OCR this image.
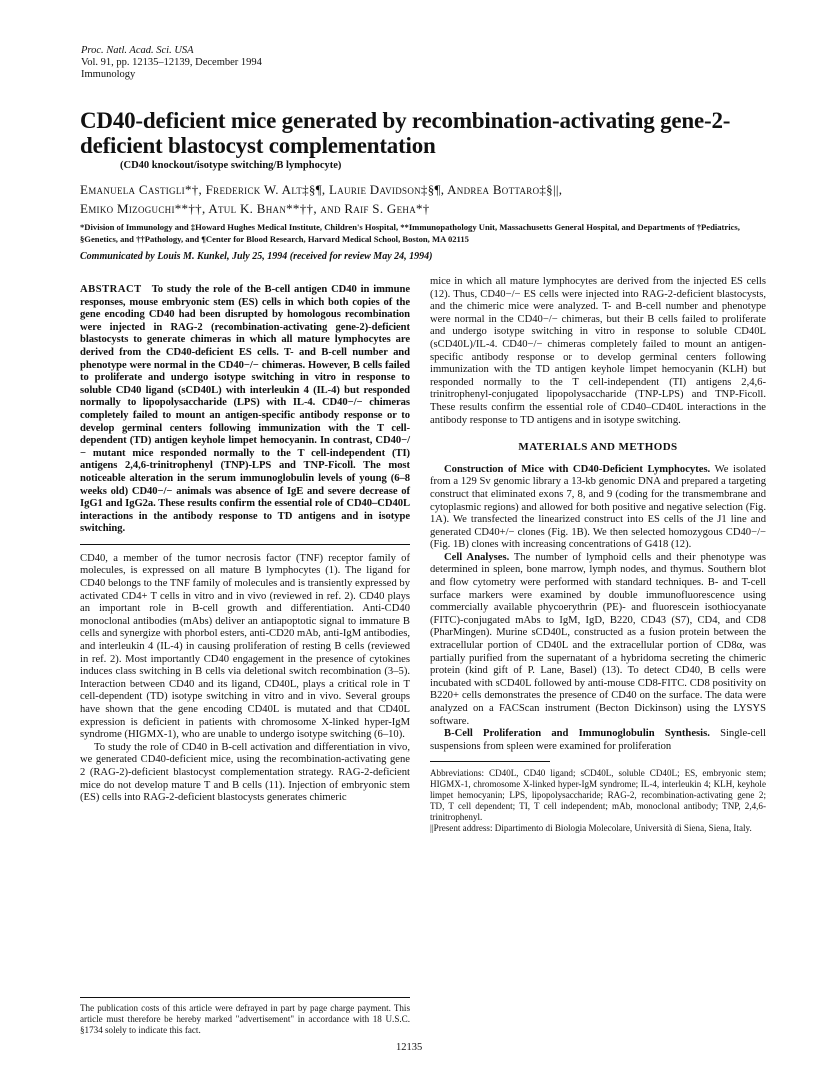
Proc. Natl. Acad. Sci. USA
Vol. 91, pp. 12135–12139, December 1994
Immunology
CD40-deficient mice generated by recombination-activating gene-2-deficient blastocyst complementation
(CD40 knockout/isotype switching/B lymphocyte)
Emanuela Castigli*†, Frederick W. Alt‡§¶, Laurie Davidson‡§¶, Andrea Bottaro‡§||,
Emiko Mizoguchi**††, Atul K. Bhan**††, and Raif S. Geha*†
*Division of Immunology and ‡Howard Hughes Medical Institute, Children's Hospital, **Immunopathology Unit, Massachusetts General Hospital, and Departments of †Pediatrics, §Genetics, and ††Pathology, and ¶Center for Blood Research, Harvard Medical School, Boston, MA 02115
Communicated by Louis M. Kunkel, July 25, 1994 (received for review May 24, 1994)
ABSTRACT To study the role of the B-cell antigen CD40 in immune responses, mouse embryonic stem (ES) cells in which both copies of the gene encoding CD40 had been disrupted by homologous recombination were injected in RAG-2 (recombination-activating gene-2)-deficient blastocysts to generate chimeras in which all mature lymphocytes are derived from the CD40-deficient ES cells. T- and B-cell number and phenotype were normal in the CD40−/− chimeras. However, B cells failed to proliferate and undergo isotype switching in vitro in response to soluble CD40 ligand (sCD40L) with interleukin 4 (IL-4) but responded normally to lipopolysaccharide (LPS) with IL-4. CD40−/− chimeras completely failed to mount an antigen-specific antibody response or to develop germinal centers following immunization with the T cell-dependent (TD) antigen keyhole limpet hemocyanin. In contrast, CD40−/− mutant mice responded normally to the T cell-independent (TI) antigens 2,4,6-trinitrophenyl (TNP)-LPS and TNP-Ficoll. The most noticeable alteration in the serum immunoglobulin levels of young (6–8 weeks old) CD40−/− animals was absence of IgE and severe decrease of IgG1 and IgG2a. These results confirm the essential role of CD40–CD40L interactions in the antibody response to TD antigens and in isotype switching.

CD40, a member of the tumor necrosis factor (TNF) receptor family of molecules, is expressed on all mature B lymphocytes (1). The ligand for CD40 belongs to the TNF family of molecules and is transiently expressed by activated CD4+ T cells in vitro and in vivo (reviewed in ref. 2). CD40 plays an important role in B-cell growth and differentiation. Anti-CD40 monoclonal antibodies (mAbs) deliver an antiapoptotic signal to immature B cells and synergize with phorbol esters, anti-CD20 mAb, anti-IgM antibodies, and interleukin 4 (IL-4) in causing proliferation of resting B cells (reviewed in ref. 2). Most importantly CD40 engagement in the presence of cytokines induces class switching in B cells via deletional switch recombination (3–5). Interaction between CD40 and its ligand, CD40L, plays a critical role in T cell-dependent (TD) isotype switching in vitro and in vivo. Several groups have shown that the gene encoding CD40L is mutated and that CD40L expression is deficient in patients with chromosome X-linked hyper-IgM syndrome (HIGMX-1), who are unable to undergo isotype switching (6–10).

To study the role of CD40 in B-cell activation and differentiation in vivo, we generated CD40-deficient mice, using the recombination-activating gene 2 (RAG-2)-deficient blastocyst complementation strategy. RAG-2-deficient mice do not develop mature T and B cells (11). Injection of embryonic stem (ES) cells into RAG-2-deficient blastocysts generates chimeric

The publication costs of this article were defrayed in part by page charge payment. This article must therefore be hereby marked "advertisement" in accordance with 18 U.S.C. §1734 solely to indicate this fact.

mice in which all mature lymphocytes are derived from the injected ES cells (12). Thus, CD40−/− ES cells were injected into RAG-2-deficient blastocysts, and the chimeric mice were analyzed. T- and B-cell number and phenotype were normal in the CD40−/− chimeras, but their B cells failed to proliferate and undergo isotype switching in vitro in response to soluble CD40L (sCD40L)/IL-4. CD40−/− chimeras completely failed to mount an antigen-specific antibody response or to develop germinal centers following immunization with the TD antigen keyhole limpet hemocyanin (KLH) but responded normally to the T cell-independent (TI) antigens 2,4,6-trinitrophenyl-conjugated lipopolysaccharide (TNP-LPS) and TNP-Ficoll. These results confirm the essential role of CD40–CD40L interactions in the antibody response to TD antigens and in isotype switching.

MATERIALS AND METHODS

Construction of Mice with CD40-Deficient Lymphocytes. We isolated from a 129 Sv genomic library a 13-kb genomic DNA and prepared a targeting construct that eliminated exons 7, 8, and 9 (coding for the transmembrane and cytoplasmic regions) and allowed for both positive and negative selection (Fig. 1A). We transfected the linearized construct into ES cells of the J1 line and generated CD40+/− clones (Fig. 1B). We then selected homozygous CD40−/− (Fig. 1B) clones with increasing concentrations of G418 (12).

Cell Analyses. The number of lymphoid cells and their phenotype was determined in spleen, bone marrow, lymph nodes, and thymus. Southern blot and flow cytometry were performed with standard techniques. B- and T-cell surface markers were examined by double immunofluorescence using commercially available phycoerythrin (PE)- and fluorescein isothiocyanate (FITC)-conjugated mAbs to IgM, IgD, B220, CD43 (S7), CD4, and CD8 (PharMingen). Murine sCD40L, constructed as a fusion protein between the extracellular portion of CD40L and the extracellular portion of CD8α, was partially purified from the supernatant of a hybridoma secreting the chimeric protein (kind gift of P. Lane, Basel) (13). To detect CD40, B cells were incubated with sCD40L followed by anti-mouse CD8-FITC. CD8 positivity on B220+ cells demonstrates the presence of CD40 on the surface. The data were analyzed on a FACScan instrument (Becton Dickinson) using the LYSYS software.

B-Cell Proliferation and Immunoglobulin Synthesis. Single-cell suspensions from spleen were examined for proliferation

Abbreviations: CD40L, CD40 ligand; sCD40L, soluble CD40L; ES, embryonic stem; HIGMX-1, chromosome X-linked hyper-IgM syndrome; IL-4, interleukin 4; KLH, keyhole limpet hemocyanin; LPS, lipopolysaccharide; RAG-2, recombination-activating gene 2; TD, T cell dependent; TI, T cell independent; mAb, monoclonal antibody; TNP, 2,4,6-trinitrophenyl.
||Present address: Dipartimento di Biologia Molecolare, Università di Siena, Siena, Italy.
12135
